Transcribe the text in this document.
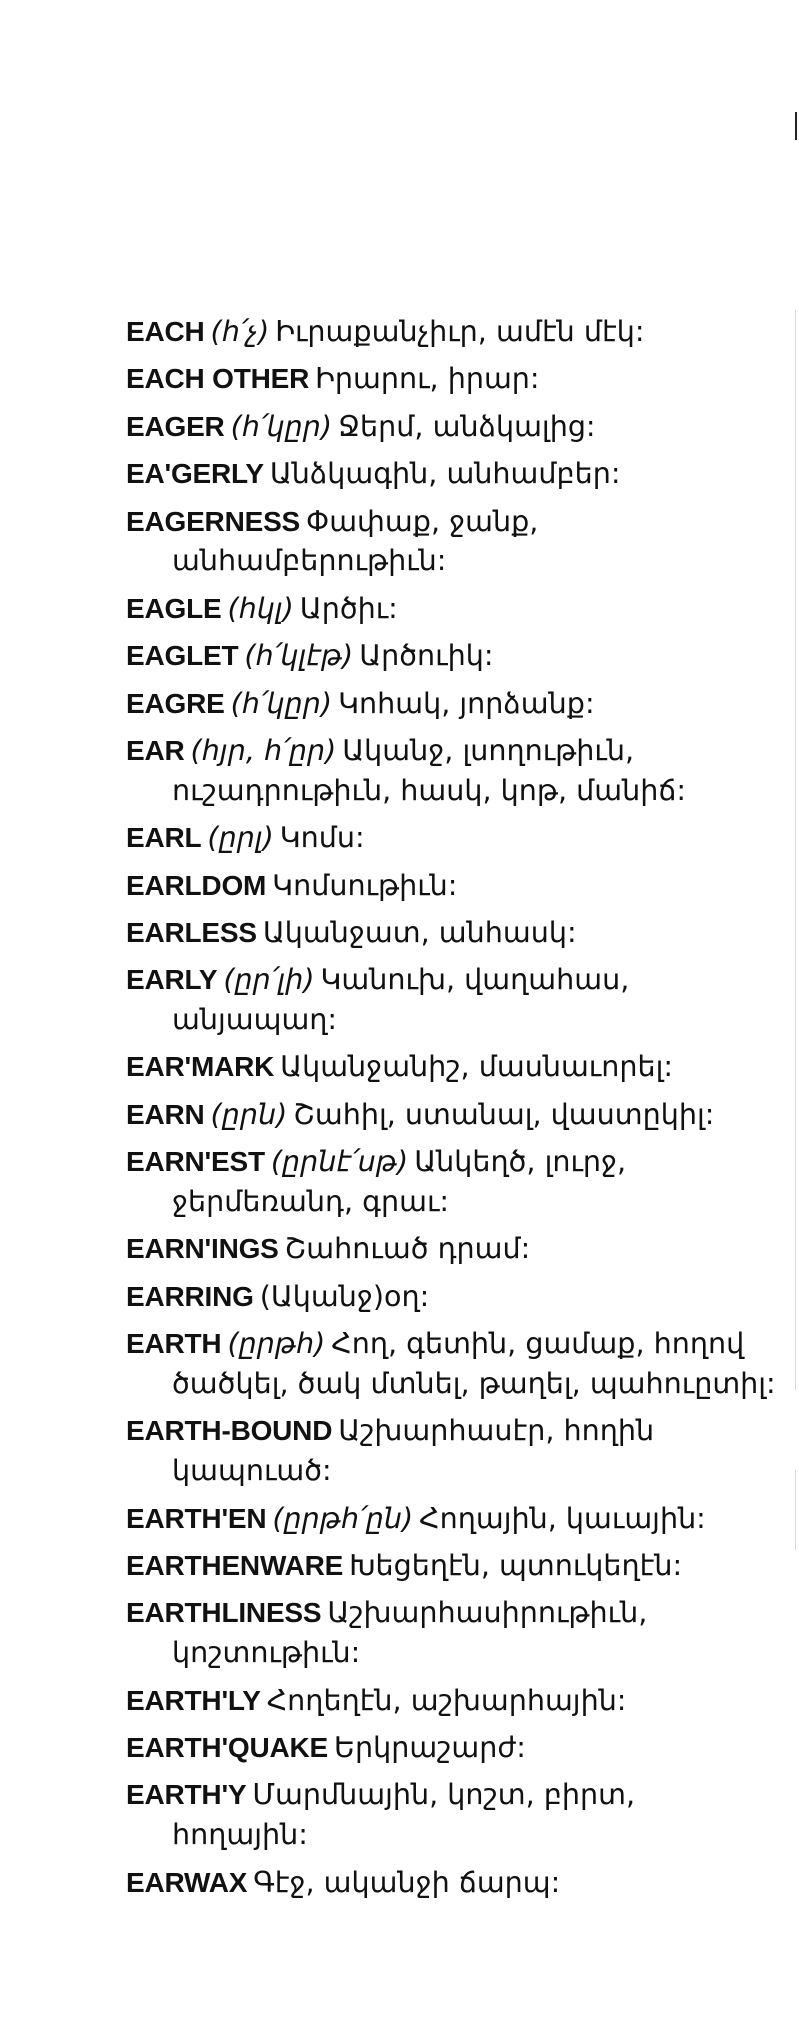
EACH (հ՛չ) Իւրաքանչիւր, ամէն մէկ:
EACH OTHER Իրարու, իրար:
EAGER (հ՛կըր) Ջերմ, անձկալից:
EA'GERLY Անձկագին, անհամբեր:
EAGERNESS Փափաք, ջանք, անհամբերութիւն:
EAGLE (հկլ) Արծիւ:
EAGLET (հ՛կլէթ) Արծուիկ:
EAGRE (հ՛կըր) Կոհակ, յորձանք:
EAR (հյր, հ՛ըր) Ականջ, լսողութիւն, ուշադրութիւն, հասկ, կոթ, մանիճ:
EARL (ըրլ) Կոմս:
EARLDOM Կոմսութիւն:
EARLESS Ականջատ, անհասկ:
EARLY (ըր՛լի) Կանուխ, վաղահաս, անյապաղ:
EAR'MARK Ականջանիշ, մասնաւորել:
EARN (ըրն) Շահիլ, ստանալ, վաստըկիլ:
EARN'EST (ըրնէ՛սթ) Անկեղծ, լուրջ, ջերմեռանդ, գրաւ:
EARN'INGS Շահուած դրամ:
EARRING (Ականջ)օղ:
EARTH (ըրթհ) Հող, գետին, ցամաք, հողով ծածկել, ծակ մտնել, թաղել, պահուըտիլ:
EARTH-BOUND Աշխարհասէր, հողին կապուած:
EARTH'EN (ըրթհ՛ըն) Հողային, կաւային:
EARTHENWARE Խեցեղէն, պտուկեղէն:
EARTHLINESS Աշխարհասիրութիւն, կոշտութիւն:
EARTH'LY Հողեղէն, աշխարհային:
EARTH'QUAKE Երկրաշարժ:
EARTH'Y Մարմնային, կոշտ, բիրտ, հողային:
EARWAX Գէջ, ականջի ճարպ:
